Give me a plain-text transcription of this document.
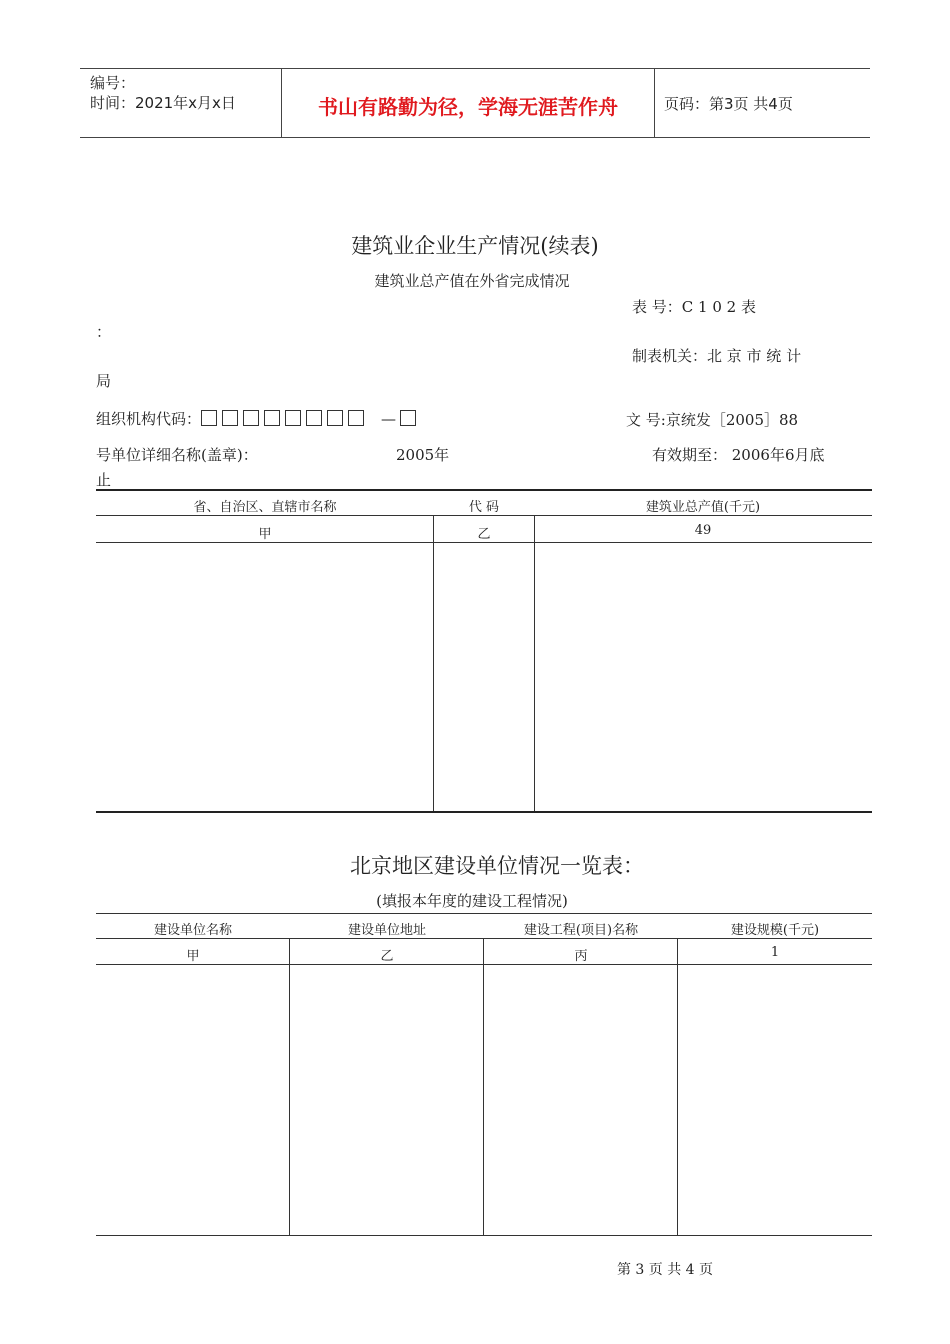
编号：
时间：2021年x月x日	书山有路勤为径，学海无涯苦作舟	页码：第3页 共4页
建筑业企业生产情况(续表)
建筑业总产值在外省完成情况
表 号：C 1 0 2 表
：
制表机关：北 京 市 统 计
局
组织机构代码：	—	文 号:京统发［2005］88
号单位详细名称(盖章)：	2005年	有效期至： 2006年6月底
止
省、自治区、直辖市名称	代 码	建筑业总产值(千元)
甲	乙	49
北京地区建设单位情况一览表：
(填报本年度的建设工程情况)
建设单位名称	建设单位地址	建设工程(项目)名称	建设规模(千元)
甲	乙	丙	1
第 3 页 共 4 页
